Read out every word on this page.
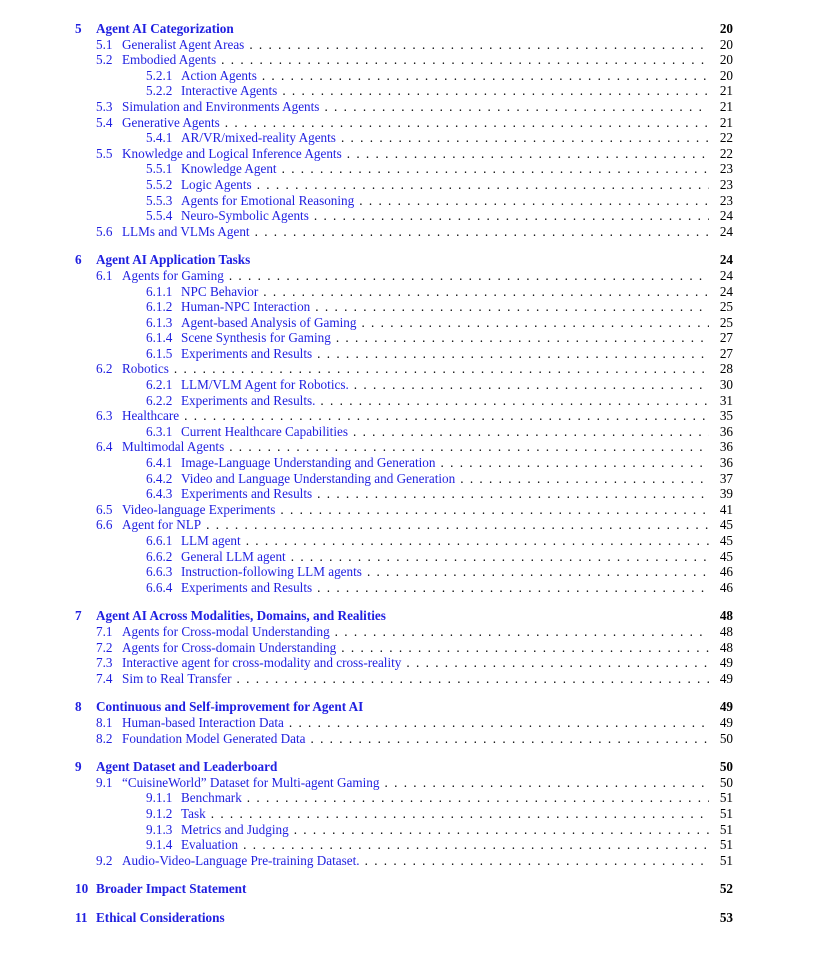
5	Agent AI Categorization	20
5.1 Generalist Agent Areas . . .	20
5.2 Embodied Agents . . .	20
5.2.1 Action Agents . . .	20
5.2.2 Interactive Agents . . .	21
5.3 Simulation and Environments Agents . . .	21
5.4 Generative Agents . . .	21
5.4.1 AR/VR/mixed-reality Agents . . .	22
5.5 Knowledge and Logical Inference Agents . . .	22
5.5.1 Knowledge Agent . . .	23
5.5.2 Logic Agents . . .	23
5.5.3 Agents for Emotional Reasoning . . .	23
5.5.4 Neuro-Symbolic Agents . . .	24
5.6 LLMs and VLMs Agent . . .	24
6	Agent AI Application Tasks	24
6.1 Agents for Gaming . . .	24
6.1.1 NPC Behavior . . .	24
6.1.2 Human-NPC Interaction . . .	25
6.1.3 Agent-based Analysis of Gaming . . .	25
6.1.4 Scene Synthesis for Gaming . . .	27
6.1.5 Experiments and Results . . .	27
6.2 Robotics . . .	28
6.2.1 LLM/VLM Agent for Robotics. . . .	30
6.2.2 Experiments and Results. . . .	31
6.3 Healthcare . . .	35
6.3.1 Current Healthcare Capabilities . . .	36
6.4 Multimodal Agents . . .	36
6.4.1 Image-Language Understanding and Generation . . .	36
6.4.2 Video and Language Understanding and Generation . . .	37
6.4.3 Experiments and Results . . .	39
6.5 Video-language Experiments . . .	41
6.6 Agent for NLP . . .	45
6.6.1 LLM agent . . .	45
6.6.2 General LLM agent . . .	45
6.6.3 Instruction-following LLM agents . . .	46
6.6.4 Experiments and Results . . .	46
7	Agent AI Across Modalities, Domains, and Realities	48
7.1 Agents for Cross-modal Understanding . . .	48
7.2 Agents for Cross-domain Understanding . . .	48
7.3 Interactive agent for cross-modality and cross-reality . . .	49
7.4 Sim to Real Transfer . . .	49
8	Continuous and Self-improvement for Agent AI	49
8.1 Human-based Interaction Data . . .	49
8.2 Foundation Model Generated Data . . .	50
9	Agent Dataset and Leaderboard	50
9.1 “CuisineWorld” Dataset for Multi-agent Gaming . . .	50
9.1.1 Benchmark . . .	51
9.1.2 Task . . .	51
9.1.3 Metrics and Judging . . .	51
9.1.4 Evaluation . . .	51
9.2 Audio-Video-Language Pre-training Dataset. . . .	51
10 Broader Impact Statement	52
11 Ethical Considerations	53
